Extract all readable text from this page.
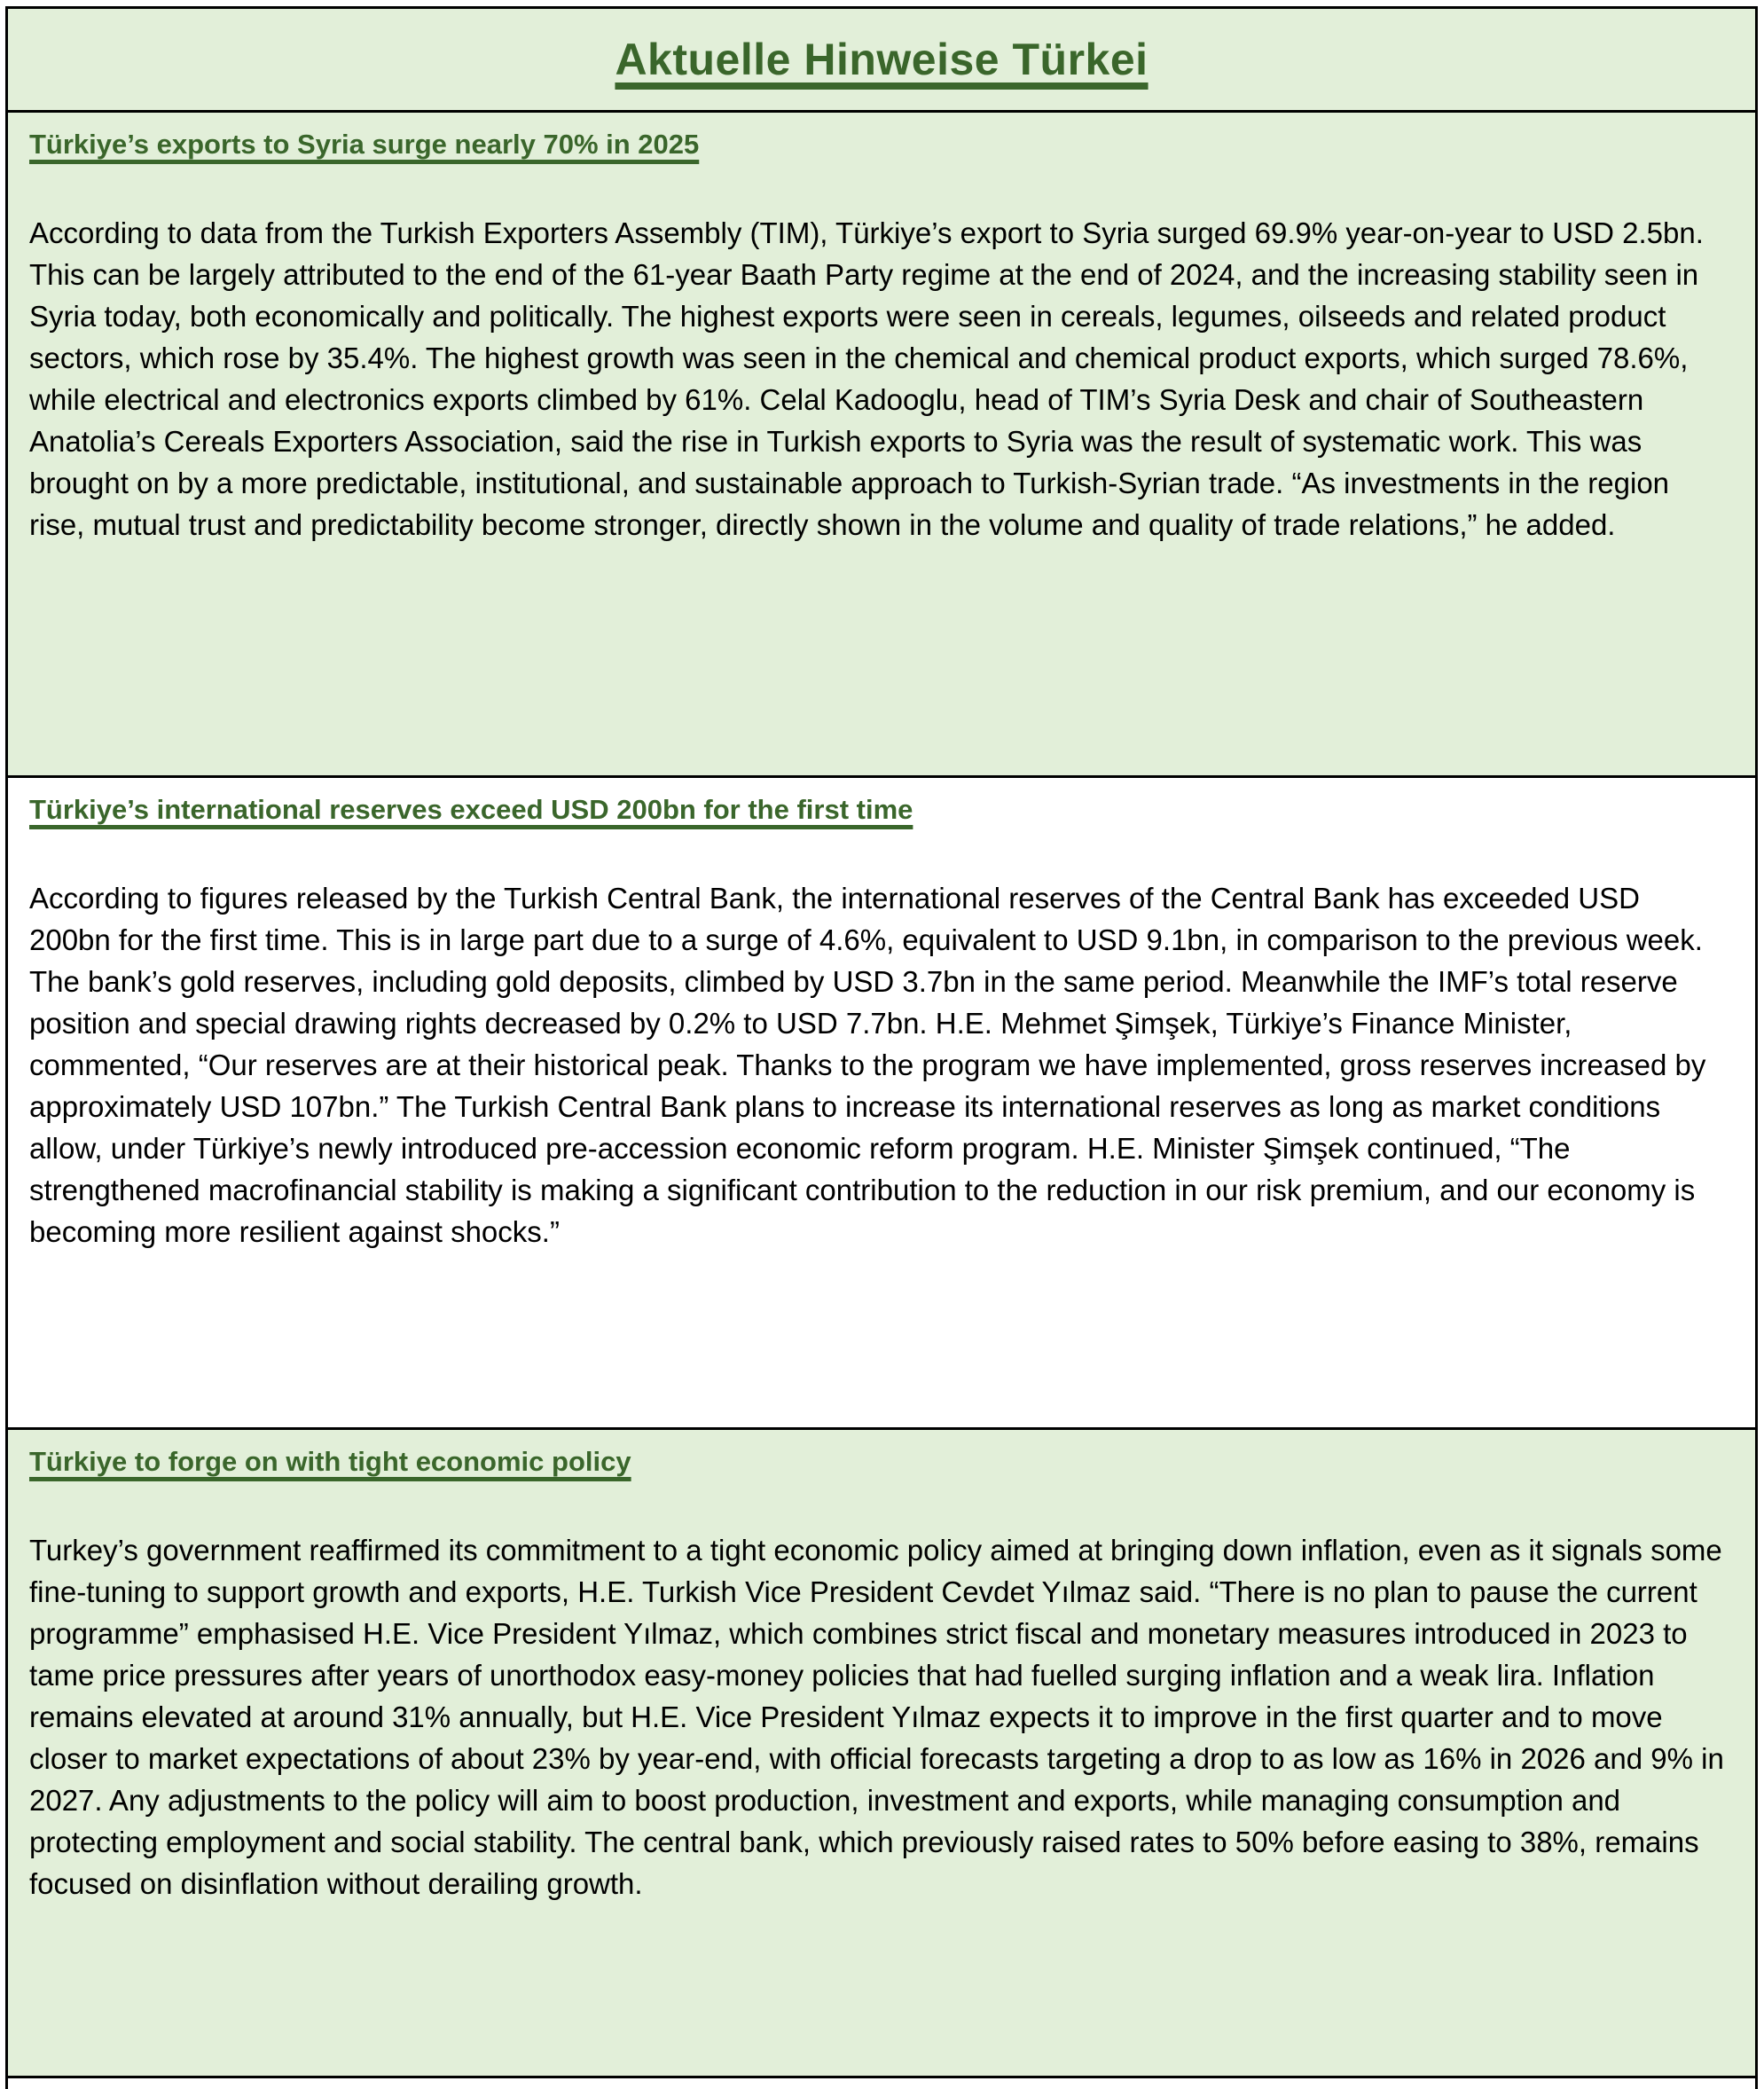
Aktuelle Hinweise Türkei
Türkiye’s exports to Syria surge nearly 70% in 2025

According to data from the Turkish Exporters Assembly (TIM), Türkiye’s export to Syria surged 69.9% year-on-year to USD 2.5bn. This can be largely attributed to the end of the 61-year Baath Party regime at the end of 2024, and the increasing stability seen in Syria today, both economically and politically. The highest exports were seen in cereals, legumes, oilseeds and related product sectors, which rose by 35.4%. The highest growth was seen in the chemical and chemical product exports, which surged 78.6%, while electrical and electronics exports climbed by 61%. Celal Kadooglu, head of TIM’s Syria Desk and chair of Southeastern Anatolia’s Cereals Exporters Association, said the rise in Turkish exports to Syria was the result of systematic work. This was brought on by a more predictable, institutional, and sustainable approach to Turkish-Syrian trade. “As investments in the region rise, mutual trust and predictability become stronger, directly shown in the volume and quality of trade relations,” he added.

Türkiye’s international reserves exceed USD 200bn for the first time

According to figures released by the Turkish Central Bank, the international reserves of the Central Bank has exceeded USD 200bn for the first time. This is in large part due to a surge of 4.6%, equivalent to USD 9.1bn, in comparison to the previous week. The bank’s gold reserves, including gold deposits, climbed by USD 3.7bn in the same period. Meanwhile the IMF’s total reserve position and special drawing rights decreased by 0.2% to USD 7.7bn. H.E. Mehmet Şimşek, Türkiye’s Finance Minister, commented, “Our reserves are at their historical peak. Thanks to the program we have implemented, gross reserves increased by approximately USD 107bn.” The Turkish Central Bank plans to increase its international reserves as long as market conditions allow, under Türkiye’s newly introduced pre-accession economic reform program. H.E. Minister Şimşek continued, “The strengthened macrofinancial stability is making a significant contribution to the reduction in our risk premium, and our economy is becoming more resilient against shocks.”

Türkiye to forge on with tight economic policy

Turkey’s government reaffirmed its commitment to a tight economic policy aimed at bringing down inflation, even as it signals some fine-tuning to support growth and exports, H.E. Turkish Vice President Cevdet Yılmaz said. “There is no plan to pause the current programme” emphasised H.E. Vice President Yılmaz, which combines strict fiscal and monetary measures introduced in 2023 to tame price pressures after years of unorthodox easy-money policies that had fuelled surging inflation and a weak lira. Inflation remains elevated at around 31% annually, but H.E. Vice President Yılmaz expects it to improve in the first quarter and to move closer to market expectations of about 23% by year-end, with official forecasts targeting a drop to as low as 16% in 2026 and 9% in 2027. Any adjustments to the policy will aim to boost production, investment and exports, while managing consumption and protecting employment and social stability. The central bank, which previously raised rates to 50% before easing to 38%, remains focused on disinflation without derailing growth.
